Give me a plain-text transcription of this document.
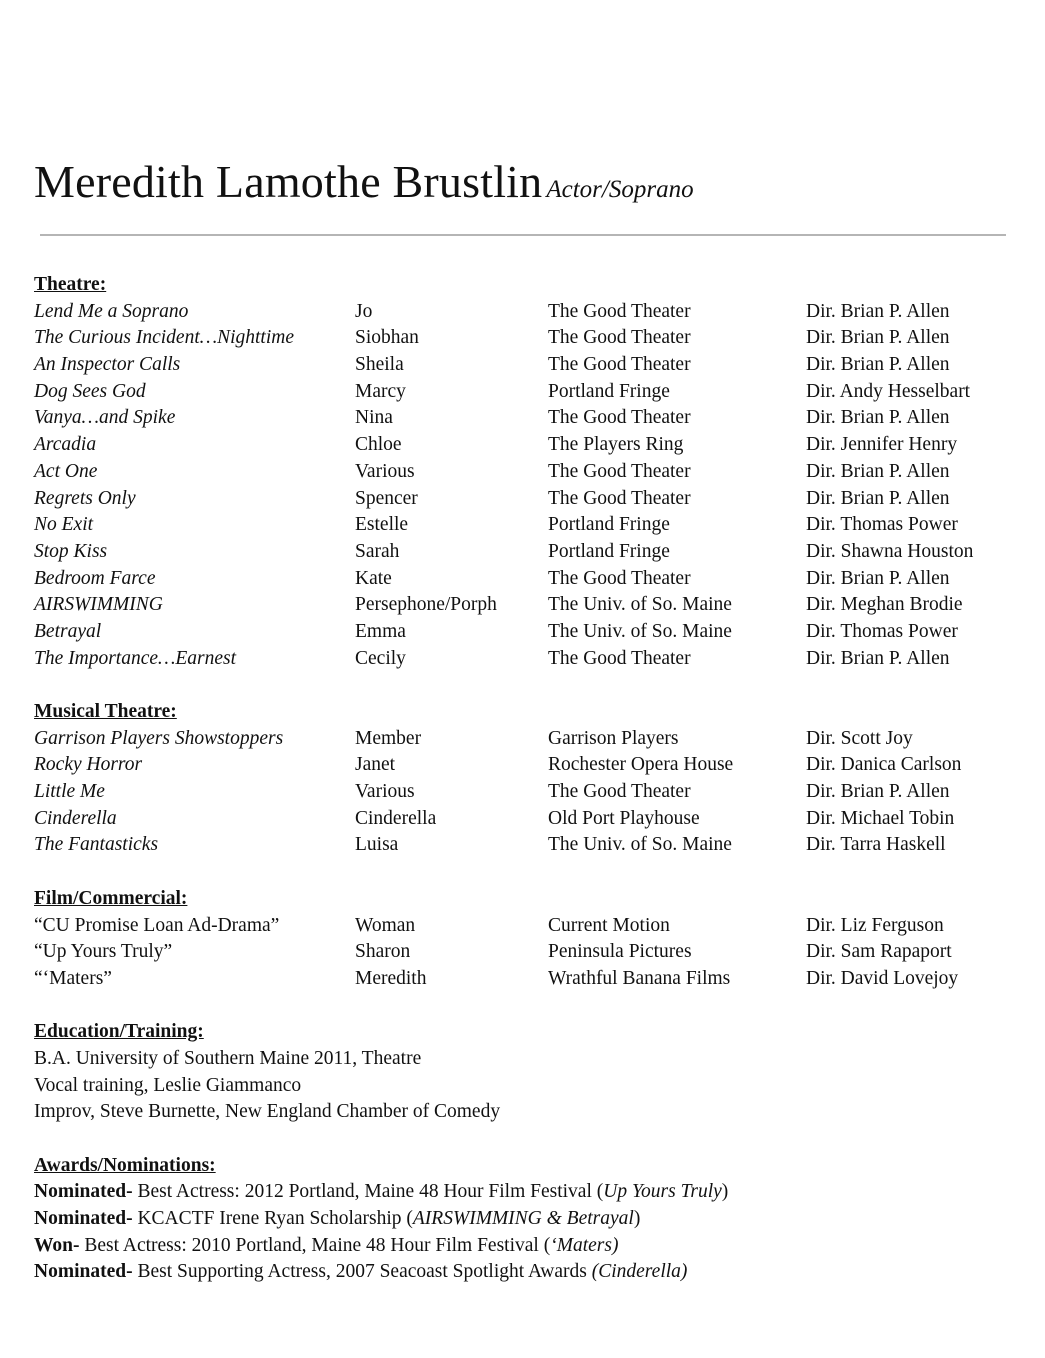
Meredith Lamothe Brustlin Actor/Soprano
Theatre:
Lend Me a Soprano	Jo	The Good Theater	Dir. Brian P. Allen
The Curious Incident…Nighttime	Siobhan	The Good Theater	Dir. Brian P. Allen
An Inspector Calls	Sheila	The Good Theater	Dir. Brian P. Allen
Dog Sees God	Marcy	Portland Fringe	Dir. Andy Hesselbart
Vanya…and Spike	Nina	The Good Theater	Dir. Brian P. Allen
Arcadia	Chloe	The Players Ring	Dir. Jennifer Henry
Act One	Various	The Good Theater	Dir. Brian P. Allen
Regrets Only	Spencer	The Good Theater	Dir. Brian P. Allen
No Exit	Estelle	Portland Fringe	Dir. Thomas Power
Stop Kiss	Sarah	Portland Fringe	Dir. Shawna Houston
Bedroom Farce	Kate	The Good Theater	Dir. Brian P. Allen
AIRSWIMMING	Persephone/Porph	The Univ. of So. Maine	Dir. Meghan Brodie
Betrayal	Emma	The Univ. of So. Maine	Dir. Thomas Power
The Importance…Earnest	Cecily	The Good Theater	Dir. Brian P. Allen
Musical Theatre:
Garrison Players Showstoppers	Member	Garrison Players	Dir. Scott Joy
Rocky Horror	Janet	Rochester Opera House	Dir. Danica Carlson
Little Me	Various	The Good Theater	Dir. Brian P. Allen
Cinderella	Cinderella	Old Port Playhouse	Dir. Michael Tobin
The Fantasticks	Luisa	The Univ. of So. Maine	Dir. Tarra Haskell
Film/Commercial:
“CU Promise Loan Ad-Drama”	Woman	Current Motion	Dir. Liz Ferguson
“Up Yours Truly”	Sharon	Peninsula Pictures	Dir. Sam Rapaport
“‘Maters”	Meredith	Wrathful Banana Films	Dir. David Lovejoy
Education/Training:
B.A. University of Southern Maine 2011, Theatre
Vocal training, Leslie Giammanco
Improv, Steve Burnette, New England Chamber of Comedy
Awards/Nominations:
Nominated- Best Actress: 2012 Portland, Maine 48 Hour Film Festival (Up Yours Truly)
Nominated- KCACTF Irene Ryan Scholarship (AIRSWIMMING & Betrayal)
Won- Best Actress: 2010 Portland, Maine 48 Hour Film Festival (‘Maters)
Nominated- Best Supporting Actress, 2007 Seacoast Spotlight Awards (Cinderella)
